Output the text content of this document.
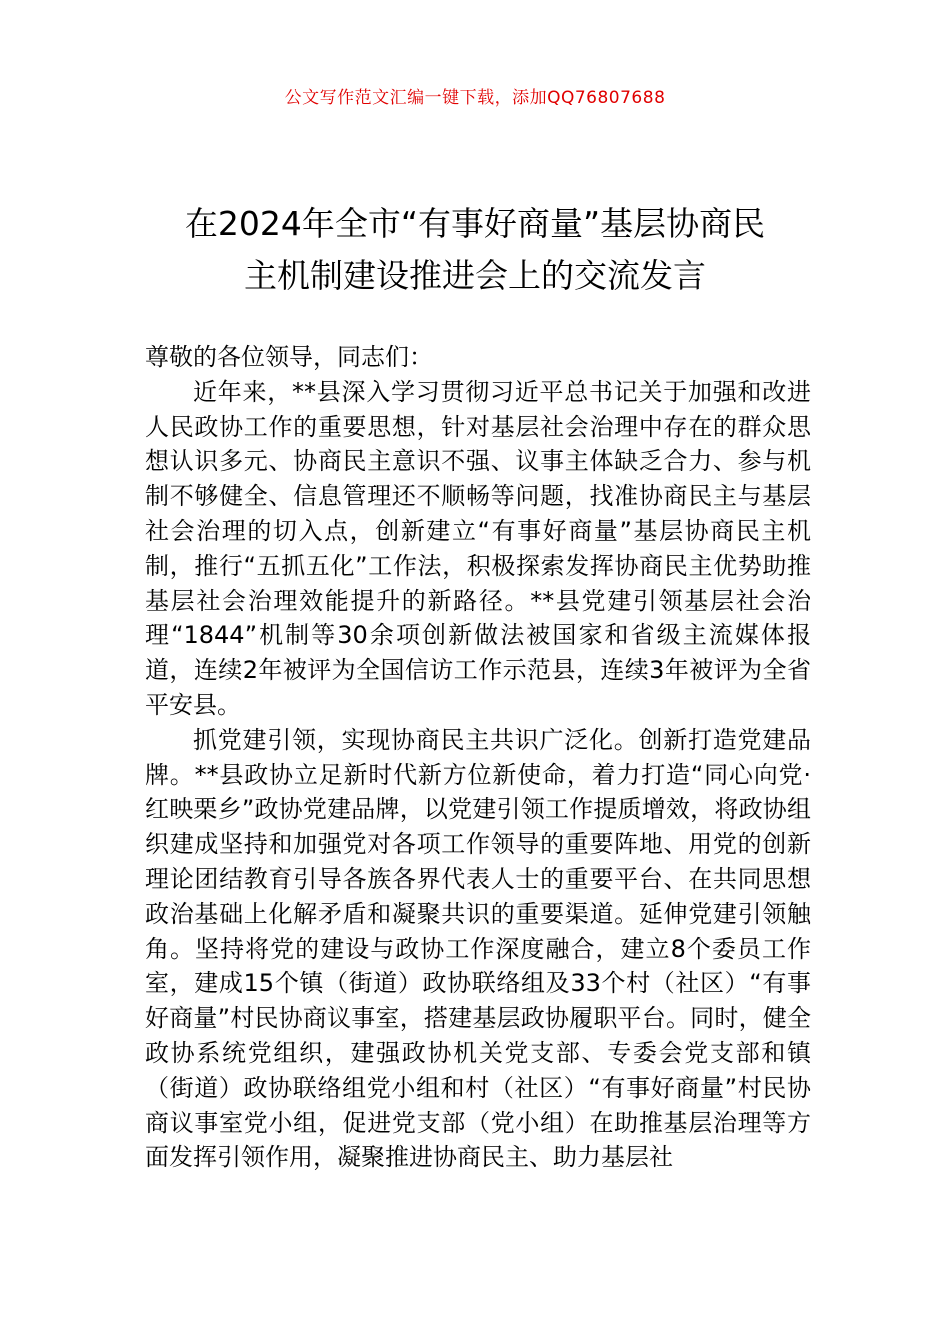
公文写作范文汇编一键下载，添加QQ76807688
在2024年全市“有事好商量”基层协商民
主机制建设推进会上的交流发言

尊敬的各位领导，同志们：

近年来，**县深入学习贯彻习近平总书记关于加强和改进人民政协工作的重要思想，针对基层社会治理中存在的群众思想认识多元、协商民主意识不强、议事主体缺乏合力、参与机制不够健全、信息管理还不顺畅等问题，找准协商民主与基层社会治理的切入点，创新建立“有事好商量”基层协商民主机制，推行“五抓五化”工作法，积极探索发挥协商民主优势助推基层社会治理效能提升的新路径。**县党建引领基层社会治理“1844”机制等30余项创新做法被国家和省级主流媒体报道，连续2年被评为全国信访工作示范县，连续3年被评为全省平安县。

抓党建引领，实现协商民主共识广泛化。创新打造党建品牌。**县政协立足新时代新方位新使命，着力打造“同心向党·红映栗乡”政协党建品牌，以党建引领工作提质增效，将政协组织建成坚持和加强党对各项工作领导的重要阵地、用党的创新理论团结教育引导各族各界代表人士的重要平台、在共同思想政治基础上化解矛盾和凝聚共识的重要渠道。延伸党建引领触角。坚持将党的建设与政协工作深度融合，建立8个委员工作室，建成15个镇（街道）政协联络组及33个村（社区）“有事好商量”村民协商议事室，搭建基层政协履职平台。同时，健全政协系统党组织，建强政协机关党支部、专委会党支部和镇（街道）政协联络组党小组和村（社区）“有事好商量”村民协商议事室党小组，促进党支部（党小组）在助推基层治理等方面发挥引领作用，凝聚推进协商民主、助力基层社
